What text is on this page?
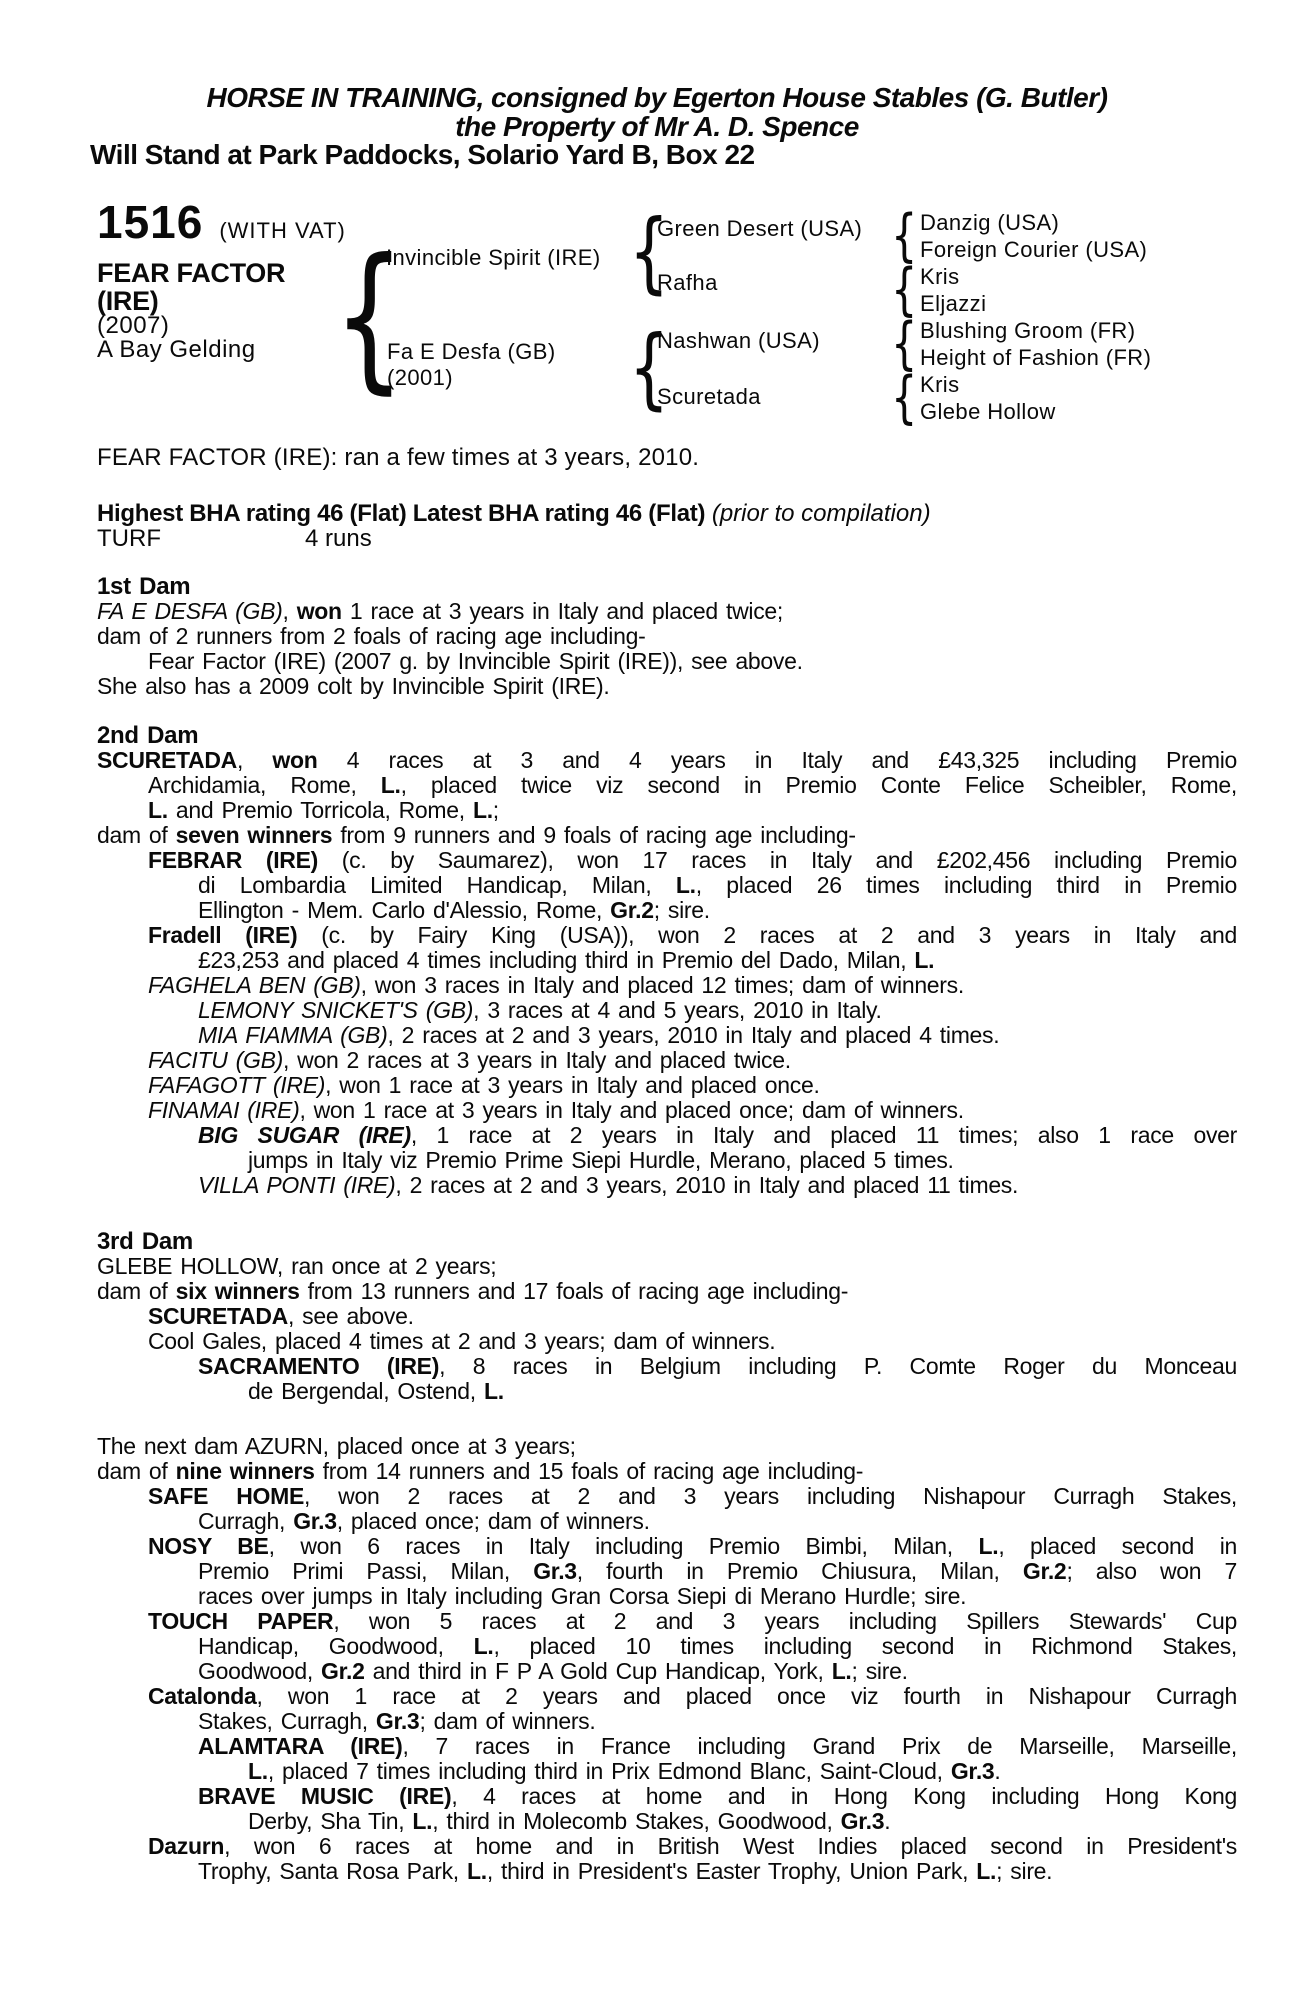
HORSE IN TRAINING, consigned by Egerton House Stables (G. Butler)
the Property of Mr A. D. Spence
Will Stand at Park Paddocks, Solario Yard B, Box 22
1516 (WITH VAT)
FEAR FACTOR
(IRE)
(2007)
A Bay Gelding {
Invincible Spirit (IRE)
Fa E Desfa (GB)
(2001)
{
{
Green Desert (USA)
Rafha
Nashwan (USA)
Scuretada
{
{
{
{
Danzig (USA)
Foreign Courier (USA)
Kris
Eljazzi
Blushing Groom (FR)
Height of Fashion (FR)
Kris
Glebe Hollow
FEAR FACTOR (IRE): ran a few times at 3 years, 2010.
Highest BHA rating 46 (Flat) Latest BHA rating 46 (Flat) (prior to compilation)
TURF	4 runs
1st Dam
FA E DESFA (GB), won 1 race at 3 years in Italy and placed twice;
dam of 2 runners from 2 foals of racing age including-
Fear Factor (IRE) (2007 g. by Invincible Spirit (IRE)), see above.
She also has a 2009 colt by Invincible Spirit (IRE).
2nd Dam
SCURETADA, won 4 races at 3 and 4 years in Italy and £43,325 including Premio
Archidamia, Rome, L., placed twice viz second in Premio Conte Felice Scheibler, Rome,
L. and Premio Torricola, Rome, L.;
dam of seven winners from 9 runners and 9 foals of racing age including-
FEBRAR (IRE) (c. by Saumarez), won 17 races in Italy and £202,456 including Premio
di Lombardia Limited Handicap, Milan, L., placed 26 times including third in Premio
Ellington - Mem. Carlo d'Alessio, Rome, Gr.2; sire.
Fradell (IRE) (c. by Fairy King (USA)), won 2 races at 2 and 3 years in Italy and
£23,253 and placed 4 times including third in Premio del Dado, Milan, L.
FAGHELA BEN (GB), won 3 races in Italy and placed 12 times; dam of winners.
LEMONY SNICKET'S (GB), 3 races at 4 and 5 years, 2010 in Italy.
MIA FIAMMA (GB), 2 races at 2 and 3 years, 2010 in Italy and placed 4 times.
FACITU (GB), won 2 races at 3 years in Italy and placed twice.
FAFAGOTT (IRE), won 1 race at 3 years in Italy and placed once.
FINAMAI (IRE), won 1 race at 3 years in Italy and placed once; dam of winners.
BIG SUGAR (IRE), 1 race at 2 years in Italy and placed 11 times; also 1 race over
jumps in Italy viz Premio Prime Siepi Hurdle, Merano, placed 5 times.
VILLA PONTI (IRE), 2 races at 2 and 3 years, 2010 in Italy and placed 11 times.
3rd Dam
GLEBE HOLLOW, ran once at 2 years;
dam of six winners from 13 runners and 17 foals of racing age including-
SCURETADA, see above.
Cool Gales, placed 4 times at 2 and 3 years; dam of winners.
SACRAMENTO (IRE), 8 races in Belgium including P. Comte Roger du Monceau
de Bergendal, Ostend, L.
The next dam AZURN, placed once at 3 years;
dam of nine winners from 14 runners and 15 foals of racing age including-
SAFE HOME, won 2 races at 2 and 3 years including Nishapour Curragh Stakes,
Curragh, Gr.3, placed once; dam of winners.
NOSY BE, won 6 races in Italy including Premio Bimbi, Milan, L., placed second in
Premio Primi Passi, Milan, Gr.3, fourth in Premio Chiusura, Milan, Gr.2; also won 7
races over jumps in Italy including Gran Corsa Siepi di Merano Hurdle; sire.
TOUCH PAPER, won 5 races at 2 and 3 years including Spillers Stewards' Cup
Handicap, Goodwood, L., placed 10 times including second in Richmond Stakes,
Goodwood, Gr.2 and third in F P A Gold Cup Handicap, York, L.; sire.
Catalonda, won 1 race at 2 years and placed once viz fourth in Nishapour Curragh
Stakes, Curragh, Gr.3; dam of winners.
ALAMTARA (IRE), 7 races in France including Grand Prix de Marseille, Marseille,
L., placed 7 times including third in Prix Edmond Blanc, Saint-Cloud, Gr.3.
BRAVE MUSIC (IRE), 4 races at home and in Hong Kong including Hong Kong
Derby, Sha Tin, L., third in Molecomb Stakes, Goodwood, Gr.3.
Dazurn, won 6 races at home and in British West Indies placed second in President's
Trophy, Santa Rosa Park, L., third in President's Easter Trophy, Union Park, L.; sire.
